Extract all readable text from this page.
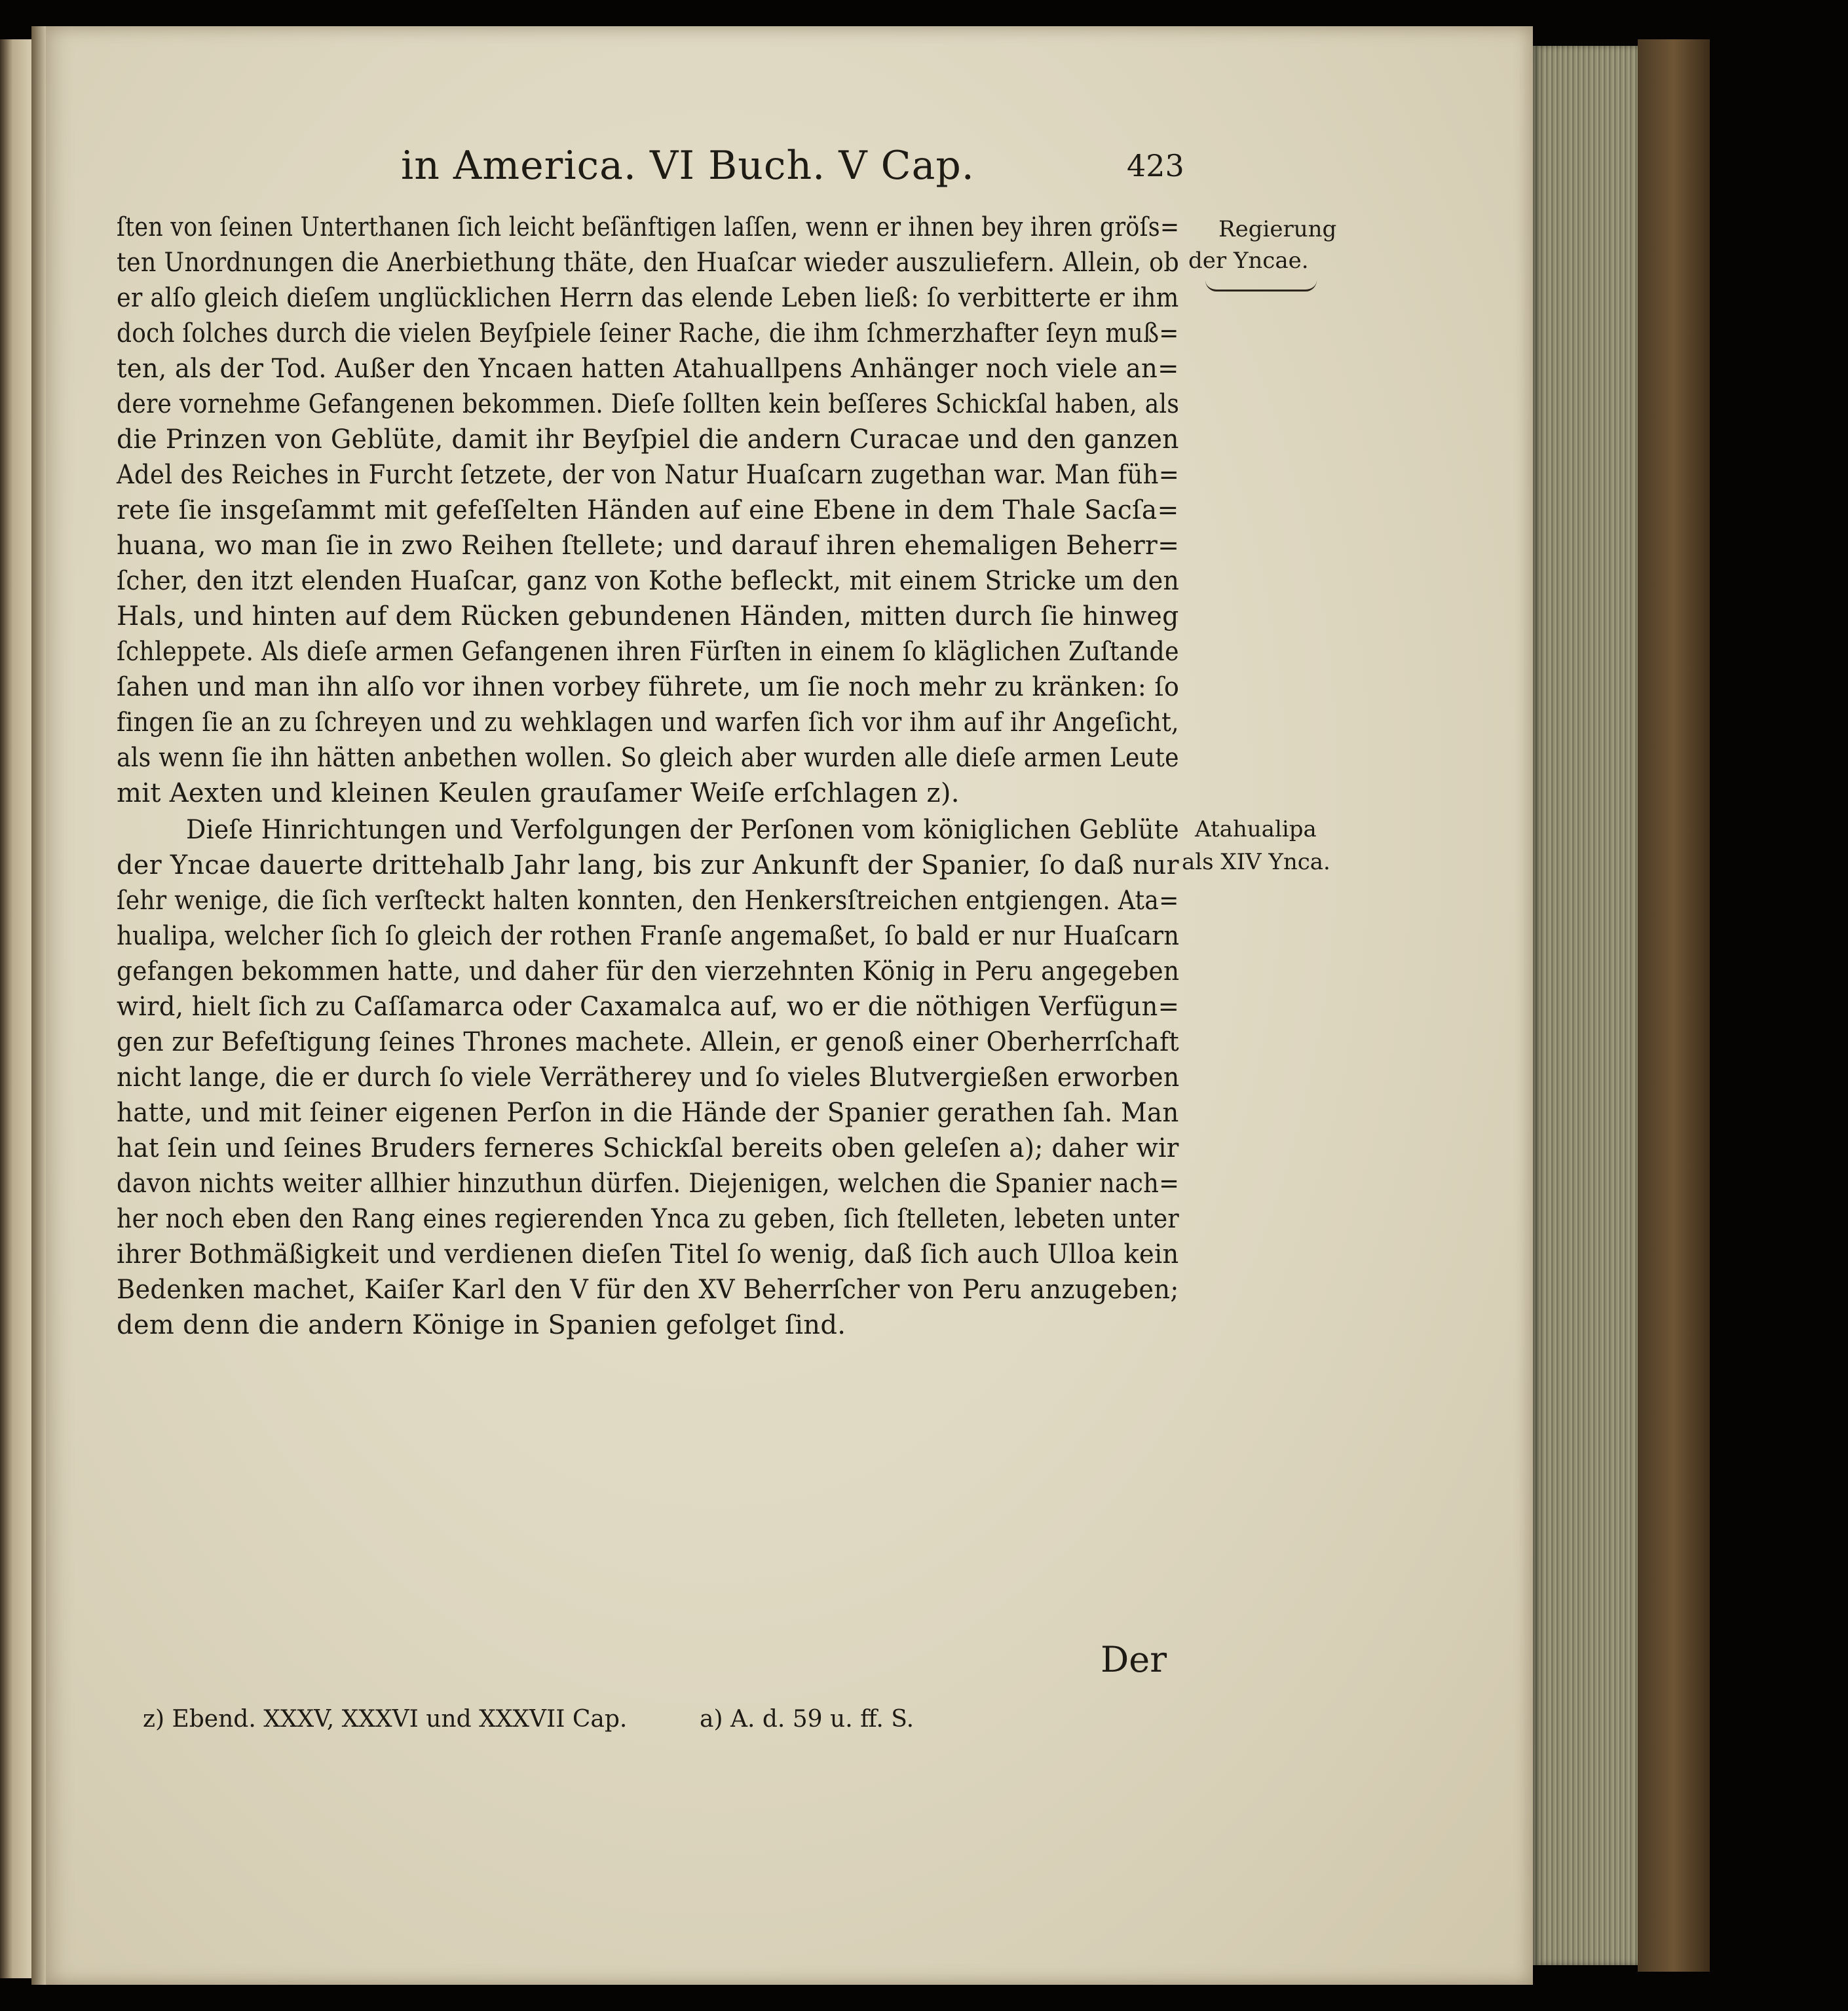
in America. VI Buch. V Cap.	423

ſten von ſeinen Unterthanen ſich leicht beſänftigen laſſen, wenn er ihnen bey ihren gröſs=

ten Unordnungen die Anerbiethung thäte, den Huaſcar wieder auszuliefern. Allein, ob

er alſo gleich dieſem unglücklichen Herrn das elende Leben ließ: ſo verbitterte er ihm

doch ſolches durch die vielen Beyſpiele ſeiner Rache, die ihm ſchmerzhafter ſeyn muß=

ten, als der Tod. Außer den Yncaen hatten Atahuallpens Anhänger noch viele an=

dere vornehme Gefangenen bekommen. Dieſe ſollten kein beſſeres Schickſal haben, als

die Prinzen von Geblüte, damit ihr Beyſpiel die andern Curacae und den ganzen

Adel des Reiches in Furcht ſetzete, der von Natur Huaſcarn zugethan war. Man füh=

rete ſie insgeſammt mit gefeſſelten Händen auf eine Ebene in dem Thale Sacſa=

huana, wo man ſie in zwo Reihen ſtellete; und darauf ihren ehemaligen Beherr=

ſcher, den itzt elenden Huaſcar, ganz von Kothe befleckt, mit einem Stricke um den

Hals, und hinten auf dem Rücken gebundenen Händen, mitten durch ſie hinweg

ſchleppete. Als dieſe armen Gefangenen ihren Fürſten in einem ſo kläglichen Zuſtande

ſahen und man ihn alſo vor ihnen vorbey führete, um ſie noch mehr zu kränken: ſo

fingen ſie an zu ſchreyen und zu wehklagen und warfen ſich vor ihm auf ihr Angeſicht,

als wenn ſie ihn hätten anbethen wollen. So gleich aber wurden alle dieſe armen Leute

mit Aexten und kleinen Keulen grauſamer Weiſe erſchlagen z).

Dieſe Hinrichtungen und Verfolgungen der Perſonen vom königlichen Geblüte

der Yncae dauerte drittehalb Jahr lang, bis zur Ankunft der Spanier, ſo daß nur

ſehr wenige, die ſich verſteckt halten konnten, den Henkersſtreichen entgiengen. Ata=

hualipa, welcher ſich ſo gleich der rothen Franſe angemaßet, ſo bald er nur Huaſcarn

gefangen bekommen hatte, und daher für den vierzehnten König in Peru angegeben

wird, hielt ſich zu Caſſamarca oder Caxamalca auf, wo er die nöthigen Verfügun=

gen zur Befeſtigung ſeines Thrones machete. Allein, er genoß einer Oberherrſchaft

nicht lange, die er durch ſo viele Verrätherey und ſo vieles Blutvergießen erworben

hatte, und mit ſeiner eigenen Perſon in die Hände der Spanier gerathen ſah. Man

hat ſein und ſeines Bruders ferneres Schickſal bereits oben geleſen a); daher wir

davon nichts weiter allhier hinzuthun dürfen. Diejenigen, welchen die Spanier nach=

her noch eben den Rang eines regierenden Ynca zu geben, ſich ſtelleten, lebeten unter

ihrer Bothmäßigkeit und verdienen dieſen Titel ſo wenig, daß ſich auch Ulloa kein

Bedenken machet, Kaiſer Karl den V für den XV Beherrſcher von Peru anzugeben;

dem denn die andern Könige in Spanien gefolget ſind.

Regierung

der Yncae.

Atahualipa

als XIV Ynca.

Der

z) Ebend. XXXV, XXXVI und XXXVII Cap.	a) A. d. 59 u. ff. S.
